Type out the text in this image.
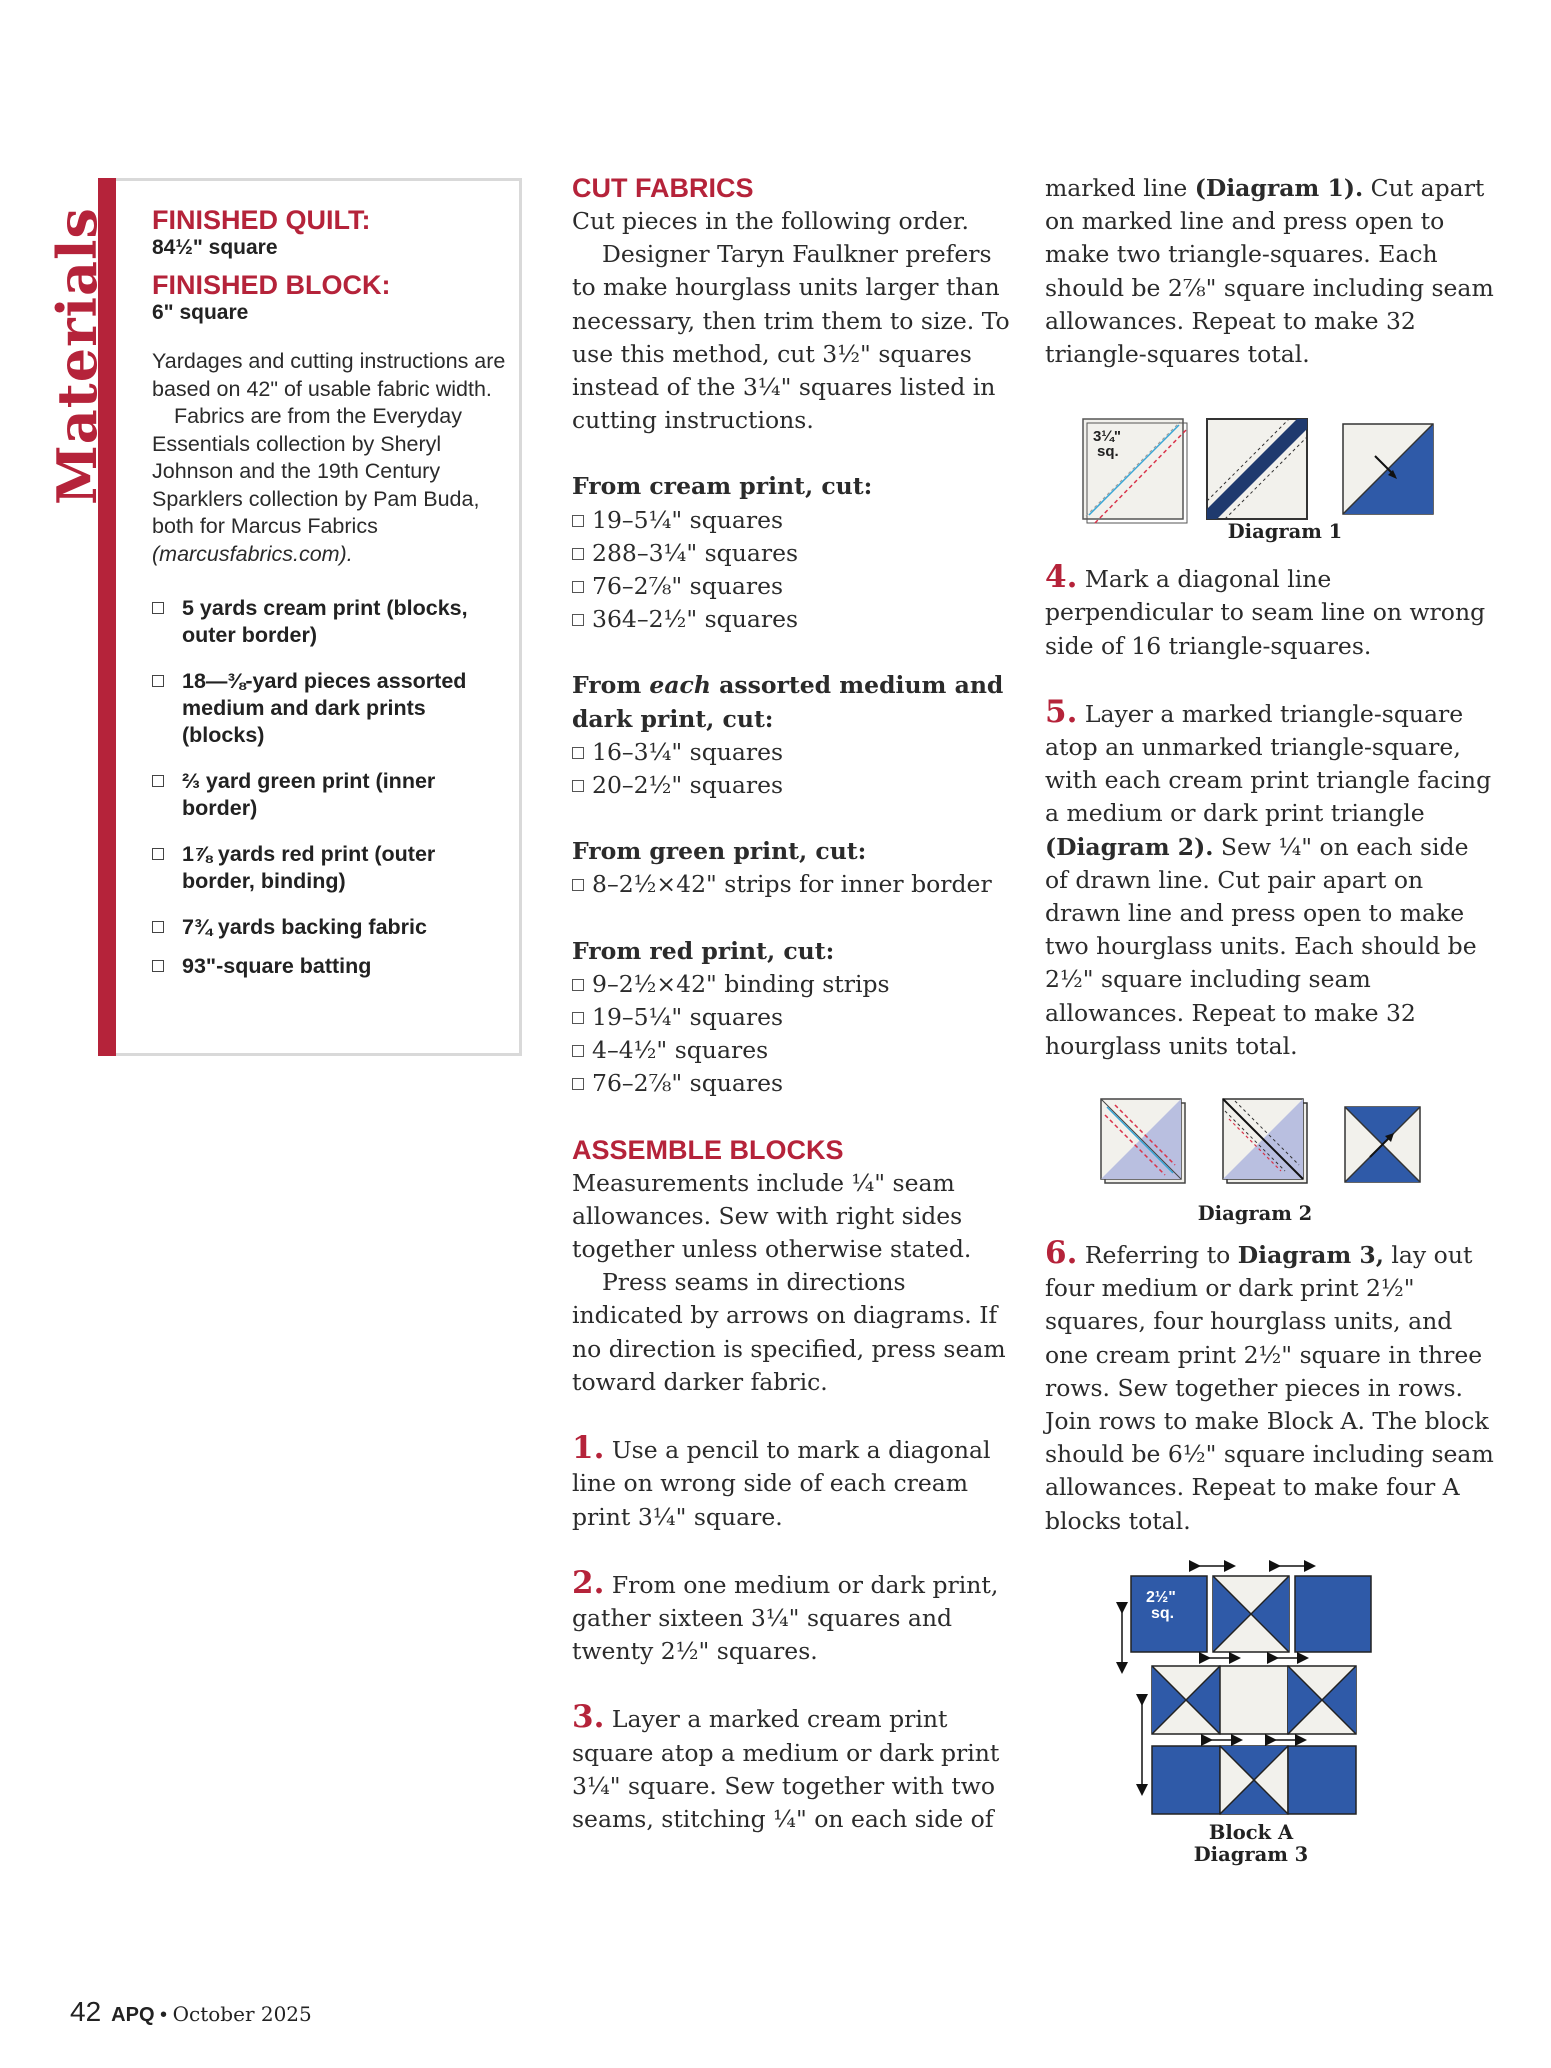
Materials FINISHED QUILT:
84½" square
FINISHED BLOCK:
6" square
Yardages and cutting instructions are based on 42" of usable fabric width.
Fabrics are from the Everyday Essentials collection by Sheryl Johnson and the 19th Century Sparklers collection by Pam Buda, both for Marcus Fabrics (marcusfabrics.com).
5 yards cream print (blocks, outer border)
18—⅜-yard pieces assorted medium and dark prints (blocks)
⅔ yard green print (inner border)
1⅞ yards red print (outer border, binding)
7¾ yards backing fabric
93"-square batting
CUT FABRICS
Cut pieces in the following order.
Designer Taryn Faulkner prefers to make hourglass units larger than necessary, then trim them to size. To use this method, cut 3½" squares instead of the 3¼" squares listed in cutting instructions.
From cream print, cut:
19–5¼" squares
288–3¼" squares
76–2⅞" squares
364–2½" squares
From each assorted medium and dark print, cut:
16–3¼" squares
20–2½" squares
From green print, cut:
8–2½×42" strips for inner border
From red print, cut:
9–2½×42" binding strips
19–5¼" squares
4–4½" squares
76–2⅞" squares
ASSEMBLE BLOCKS
Measurements include ¼" seam allowances. Sew with right sides together unless otherwise stated.
Press seams in directions indicated by arrows on diagrams. If no direction is specified, press seam toward darker fabric.
1. Use a pencil to mark a diagonal line on wrong side of each cream print 3¼" square.
2. From one medium or dark print, gather sixteen 3¼" squares and twenty 2½" squares.
3. Layer a marked cream print square atop a medium or dark print 3¼" square. Sew together with two seams, stitching ¼" on each side of
marked line (Diagram 1). Cut apart on marked line and press open to make two triangle-squares. Each should be 2⅞" square including seam allowances. Repeat to make 32 triangle-squares total.
3¼"
sq.
Diagram 1
4. Mark a diagonal line perpendicular to seam line on wrong side of 16 triangle-squares.
5. Layer a marked triangle-square atop an unmarked triangle-square, with each cream print triangle facing a medium or dark print triangle (Diagram 2). Sew ¼" on each side of drawn line. Cut pair apart on drawn line and press open to make two hourglass units. Each should be 2½" square including seam allowances. Repeat to make 32 hourglass units total.
Diagram 2
6. Referring to Diagram 3, lay out four medium or dark print 2½" squares, four hourglass units, and one cream print 2½" square in three rows. Sew together pieces in rows. Join rows to make Block A. The block should be 6½" square including seam allowances. Repeat to make four A blocks total.
2½"
sq.
Block A
Diagram 3
42 APQ • October 2025
